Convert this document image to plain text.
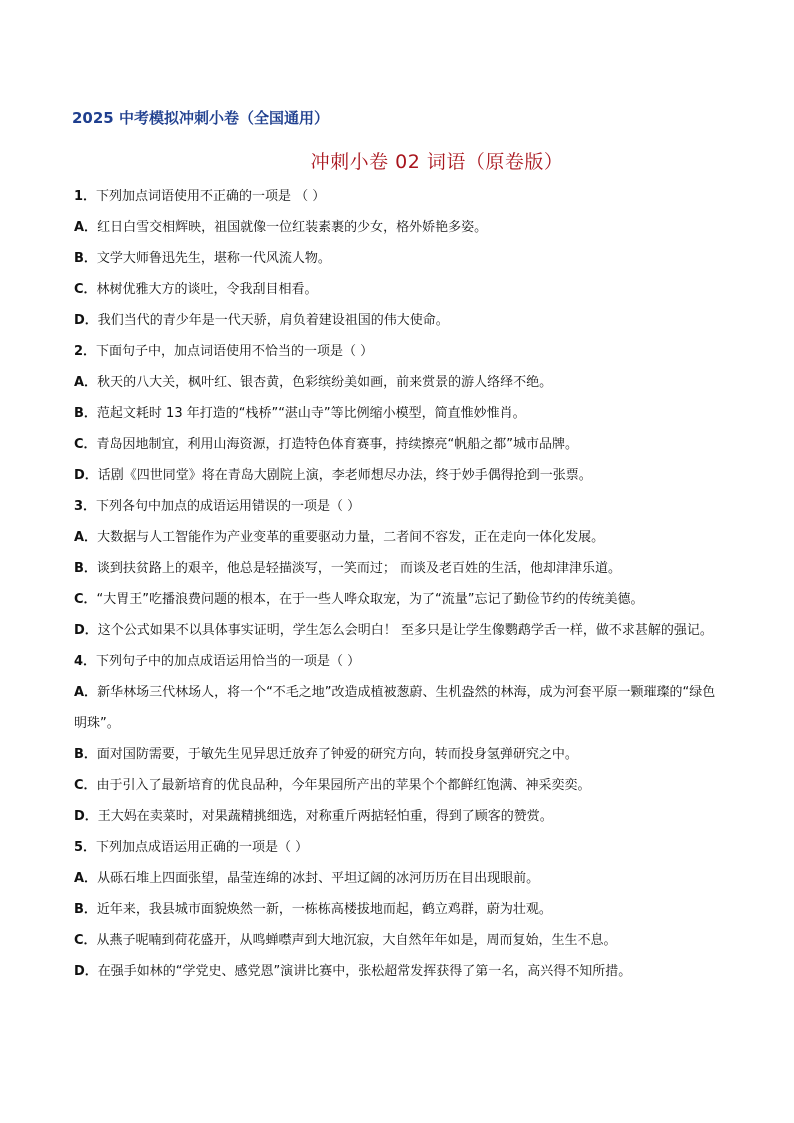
2025 中考模拟冲刺小卷（全国通用）
冲刺小卷 02 词语（原卷版）
1．下列加点词语使用不正确的一项是 （ ）
A．红日白雪交相辉映，祖国就像一位红装素裹的少女，格外娇艳多姿。
B．文学大师鲁迅先生，堪称一代风流人物。
C．林树优雅大方的谈吐，令我刮目相看。
D．我们当代的青少年是一代天骄，肩负着建设祖国的伟大使命。
2．下面句子中，加点词语使用不恰当的一项是（ ）
A．秋天的八大关，枫叶红、银杏黄，色彩缤纷美如画，前来赏景的游人络绎不绝。
B．范起文耗时 13 年打造的“栈桥”“湛山寺”等比例缩小模型，简直惟妙惟肖。
C．青岛因地制宜，利用山海资源，打造特色体育赛事，持续擦亮“帆船之都”城市品牌。
D．话剧《四世同堂》将在青岛大剧院上演，李老师想尽办法，终于妙手偶得抢到一张票。
3．下列各句中加点的成语运用错误的一项是（ ）
A．大数据与人工智能作为产业变革的重要驱动力量，二者间不容发，正在走向一体化发展。
B．谈到扶贫路上的艰辛，他总是轻描淡写，一笑而过； 而谈及老百姓的生活，他却津津乐道。
C．“大胃王”吃播浪费问题的根本，在于一些人哗众取宠，为了“流量”忘记了勤俭节约的传统美德。
D．这个公式如果不以具体事实证明，学生怎么会明白！ 至多只是让学生像鹦鹉学舌一样，做不求甚解的强记。
4．下列句子中的加点成语运用恰当的一项是（ ）
A．新华林场三代林场人，将一个“不毛之地”改造成植被葱蔚、生机盎然的林海，成为河套平原一颗璀璨的“绿色明珠”。
B．面对国防需要，于敏先生见异思迁放弃了钟爱的研究方向，转而投身氢弹研究之中。
C．由于引入了最新培育的优良品种，今年果园所产出的苹果个个都鲜红饱满、神采奕奕。
D．王大妈在卖菜时，对果蔬精挑细选，对称重斤两掂轻怕重，得到了顾客的赞赏。
5．下列加点成语运用正确的一项是（ ）
A．从砾石堆上四面张望，晶莹连绵的冰封、平坦辽阔的冰河历历在目出现眼前。
B．近年来，我县城市面貌焕然一新，一栋栋高楼拔地而起，鹤立鸡群，蔚为壮观。
C．从燕子呢喃到荷花盛开，从鸣蝉噤声到大地沉寂，大自然年年如是，周而复始，生生不息。
D．在强手如林的“学党史、感党恩”演讲比赛中，张松超常发挥获得了第一名，高兴得不知所措。
